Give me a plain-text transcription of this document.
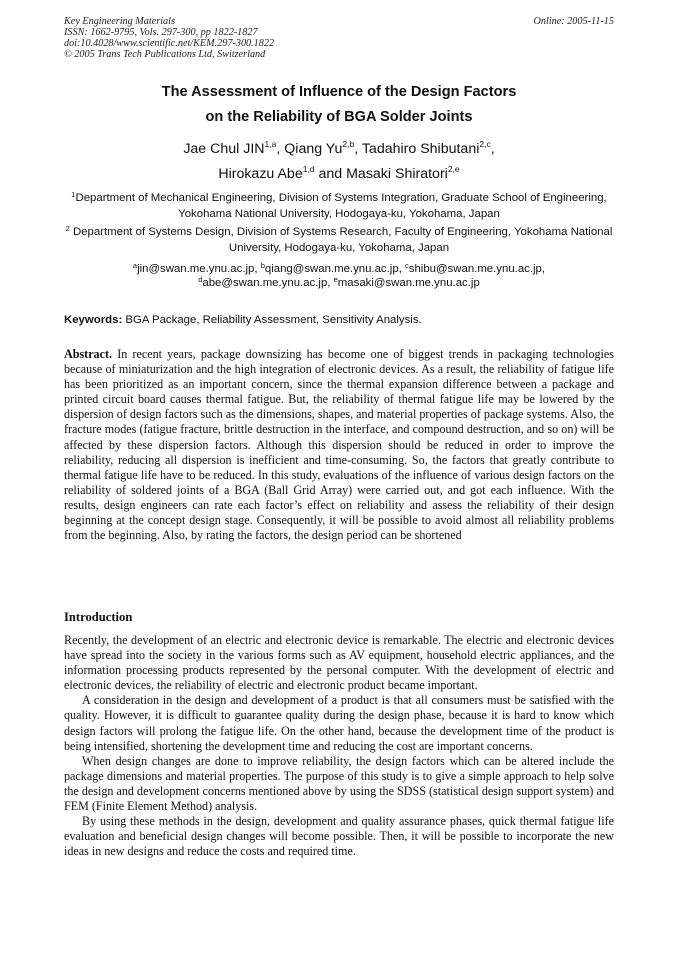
Key Engineering Materials
ISSN: 1662-9795, Vols. 297-300, pp 1822-1827
doi:10.4028/www.scientific.net/KEM.297-300.1822
© 2005 Trans Tech Publications Ltd, Switzerland
Online: 2005-11-15
The Assessment of Influence of the Design Factors
on the Reliability of BGA Solder Joints
Jae Chul JIN$^{1,a}$, Qiang Yu$^{2,b}$, Tadahiro Shibutani$^{2,c}$,
Hirokazu Abe$^{1,d}$ and Masaki Shiratori$^{2,e}$
$^1$Department of Mechanical Engineering, Division of Systems Integration, Graduate School of Engineering, Yokohama National University, Hodogaya-ku, Yokohama, Japan
$^2$ Department of Systems Design, Division of Systems Research, Faculty of Engineering, Yokohama National University, Hodogaya-ku, Yokohama, Japan
$^a$jin@swan.me.ynu.ac.jp, $^b$qiang@swan.me.ynu.ac.jp, $^c$shibu@swan.me.ynu.ac.jp,
$^d$abe@swan.me.ynu.ac.jp, $^e$masaki@swan.me.ynu.ac.jp
Keywords: BGA Package, Reliability Assessment, Sensitivity Analysis.
Abstract. In recent years, package downsizing has become one of biggest trends in packaging technologies because of miniaturization and the high integration of electronic devices. As a result, the reliability of fatigue life has been prioritized as an important concern, since the thermal expansion difference between a package and printed circuit board causes thermal fatigue. But, the reliability of thermal fatigue life may be lowered by the dispersion of design factors such as the dimensions, shapes, and material properties of package systems. Also, the fracture modes (fatigue fracture, brittle destruction in the interface, and compound destruction, and so on) will be affected by these dispersion factors. Although this dispersion should be reduced in order to improve the reliability, reducing all dispersion is inefficient and time-consuming. So, the factors that greatly contribute to thermal fatigue life have to be reduced. In this study, evaluations of the influence of various design factors on the reliability of soldered joints of a BGA (Ball Grid Array) were carried out, and got each influence. With the results, design engineers can rate each factor’s effect on reliability and assess the reliability of their design beginning at the concept design stage. Consequently, it will be possible to avoid almost all reliability problems from the beginning. Also, by rating the factors, the design period can be shortened
Introduction

Recently, the development of an electric and electronic device is remarkable. The electric and electronic devices have spread into the society in the various forms such as AV equipment, household electric appliances, and the information processing products represented by the personal computer. With the development of electric and electronic devices, the reliability of electric and electronic product became important.

A consideration in the design and development of a product is that all consumers must be satisfied with the quality. However, it is difficult to guarantee quality during the design phase, because it is hard to know which design factors will prolong the fatigue life. On the other hand, because the development time of the product is being intensified, shortening the development time and reducing the cost are important concerns.

When design changes are done to improve reliability, the design factors which can be altered include the package dimensions and material properties. The purpose of this study is to give a simple approach to help solve the design and development concerns mentioned above by using the SDSS (statistical design support system) and FEM (Finite Element Method) analysis.

By using these methods in the design, development and quality assurance phases, quick thermal fatigue life evaluation and beneficial design changes will become possible. Then, it will be possible to incorporate the new ideas in new designs and reduce the costs and required time.
